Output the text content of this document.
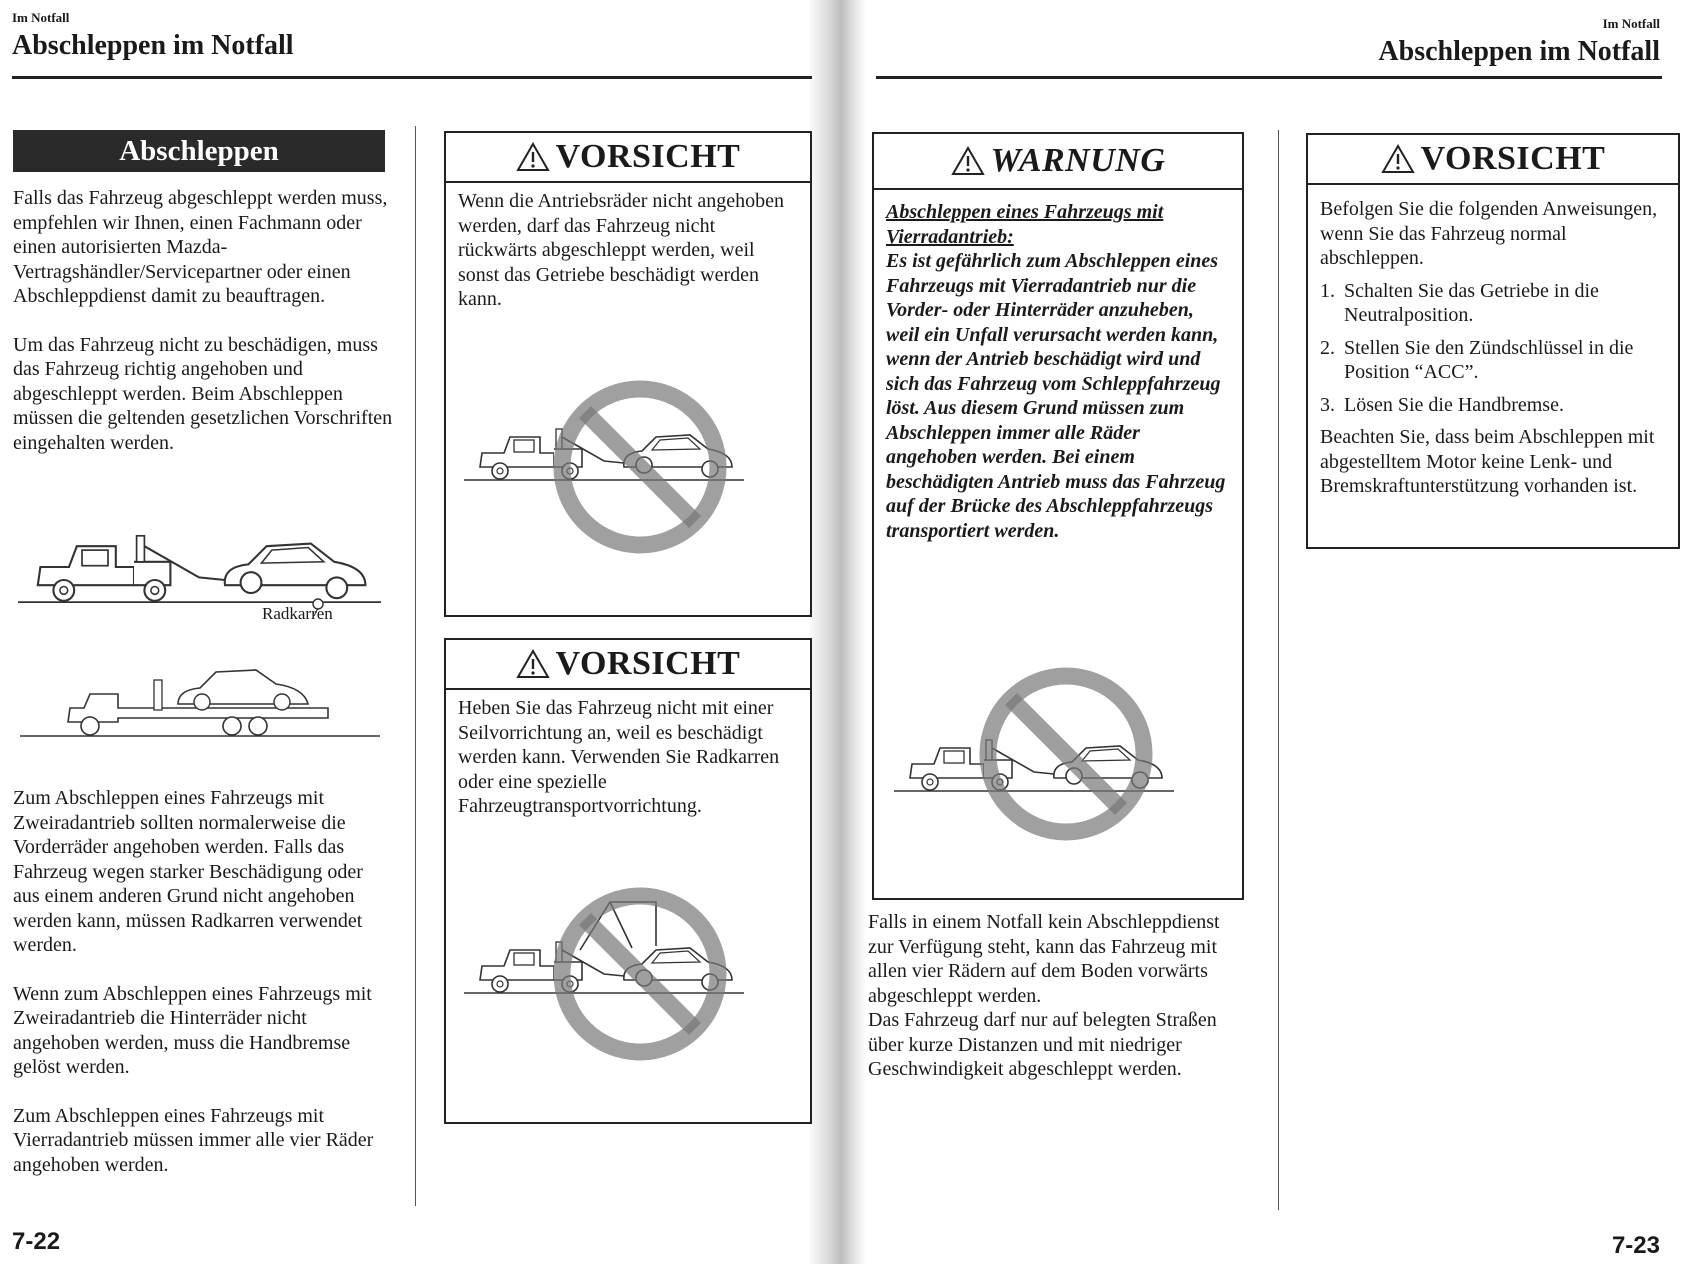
Im Notfall
Abschleppen im Notfall
Abschleppen

Falls das Fahrzeug abgeschleppt werden muss, empfehlen wir Ihnen, einen Fachmann oder einen autorisierten Mazda-Vertragshändler/Servicepartner oder einen Abschleppdienst damit zu beauftragen.

Um das Fahrzeug nicht zu beschädigen, muss das Fahrzeug richtig angehoben und abgeschleppt werden. Beim Abschleppen müssen die geltenden gesetzlichen Vorschriften eingehalten werden.

Radkarren

Zum Abschleppen eines Fahrzeugs mit Zweiradantrieb sollten normalerweise die Vorderräder angehoben werden. Falls das Fahrzeug wegen starker Beschädigung oder aus einem anderen Grund nicht angehoben werden kann, müssen Radkarren verwendet werden.

Wenn zum Abschleppen eines Fahrzeugs mit Zweiradantrieb die Hinterräder nicht angehoben werden, muss die Handbremse gelöst werden.

Zum Abschleppen eines Fahrzeugs mit Vierradantrieb müssen immer alle vier Räder angehoben werden.

VORSICHT
Wenn die Antriebsräder nicht angehoben werden, darf das Fahrzeug nicht rückwärts abgeschleppt werden, weil sonst das Getriebe beschädigt werden kann.
VORSICHT
Heben Sie das Fahrzeug nicht mit einer Seilvorrichtung an, weil es beschädigt werden kann. Verwenden Sie Radkarren oder eine spezielle Fahrzeugtransportvorrichtung.
7-22
Im Notfall
Abschleppen im Notfall
WARNUNG
Abschleppen eines Fahrzeugs mit Vierradantrieb:
Es ist gefährlich zum Abschleppen eines Fahrzeugs mit Vierradantrieb nur die Vorder- oder Hinterräder anzuheben, weil ein Unfall verursacht werden kann, wenn der Antrieb beschädigt wird und sich das Fahrzeug vom Schleppfahrzeug löst. Aus diesem Grund müssen zum Abschleppen immer alle Räder angehoben werden. Bei einem beschädigten Antrieb muss das Fahrzeug auf der Brücke des Abschleppfahrzeugs transportiert werden.
Falls in einem Notfall kein Abschleppdienst zur Verfügung steht, kann das Fahrzeug mit allen vier Rädern auf dem Boden vorwärts abgeschleppt werden.
Das Fahrzeug darf nur auf belegten Straßen über kurze Distanzen und mit niedriger Geschwindigkeit abgeschleppt werden.
VORSICHT
Befolgen Sie die folgenden Anweisungen, wenn Sie das Fahrzeug normal abschleppen.
1. Schalten Sie das Getriebe in die Neutralposition.
2. Stellen Sie den Zündschlüssel in die Position “ACC”.
3. Lösen Sie die Handbremse.
Beachten Sie, dass beim Abschleppen mit abgestelltem Motor keine Lenk- und Bremskraftunterstützung vorhanden ist.
7-23
